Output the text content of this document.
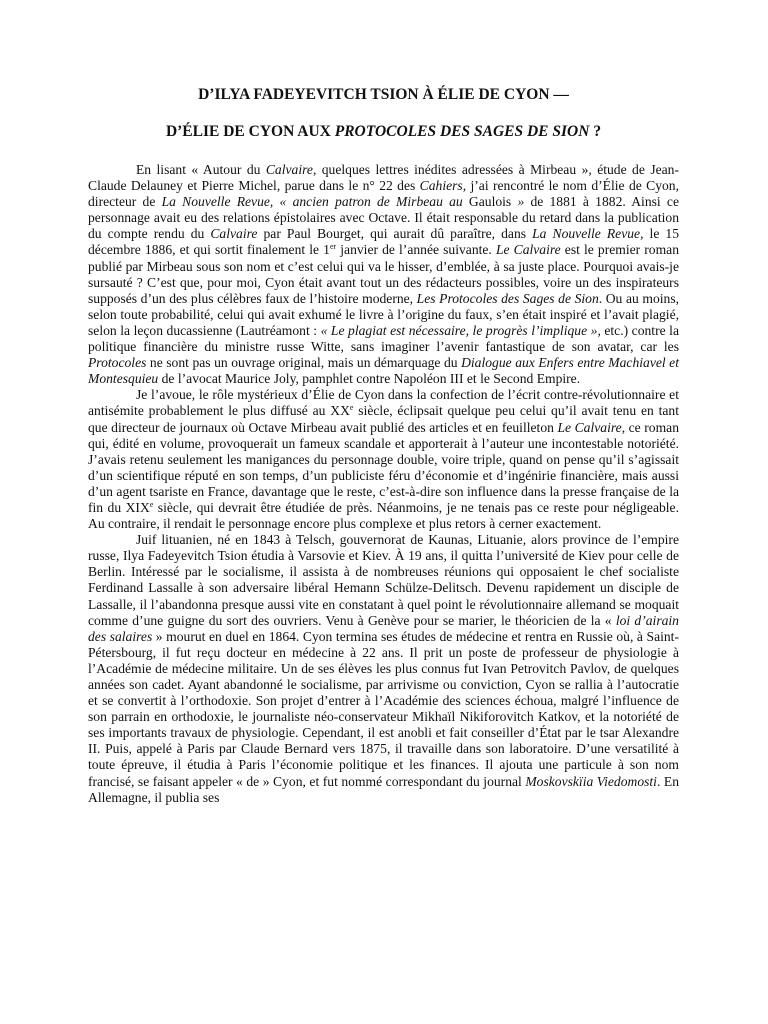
D’ILYA FADEYEVITCH TSION À ÉLIE DE CYON —
D’ÉLIE DE CYON AUX PROTOCOLES DES SAGES DE SION ?

En lisant « Autour du Calvaire, quelques lettres inédites adressées à Mirbeau », étude de Jean-Claude Delauney et Pierre Michel, parue dans le n° 22 des Cahiers, j’ai rencontré le nom d’Élie de Cyon, directeur de La Nouvelle Revue, « ancien patron de Mirbeau au Gaulois » de 1881 à 1882. Ainsi ce personnage avait eu des relations épistolaires avec Octave. Il était responsable du retard dans la publication du compte rendu du Calvaire par Paul Bourget, qui aurait dû paraître, dans La Nouvelle Revue, le 15 décembre 1886, et qui sortit finalement le 1er janvier de l’année suivante. Le Calvaire est le premier roman publié par Mirbeau sous son nom et c’est celui qui va le hisser, d’emblée, à sa juste place. Pourquoi avais-je sursauté ? C’est que, pour moi, Cyon était avant tout un des rédacteurs possibles, voire un des inspirateurs supposés d’un des plus célèbres faux de l’histoire moderne, Les Protocoles des Sages de Sion. Ou au moins, selon toute probabilité, celui qui avait exhumé le livre à l’origine du faux, s’en était inspiré et l’avait plagié, selon la leçon ducassienne (Lautréamont : « Le plagiat est nécessaire, le progrès l’implique », etc.) contre la politique financière du ministre russe Witte, sans imaginer l’avenir fantastique de son avatar, car les Protocoles ne sont pas un ouvrage original, mais un démarquage du Dialogue aux Enfers entre Machiavel et Montesquieu de l’avocat Maurice Joly, pamphlet contre Napoléon III et le Second Empire.

Je l’avoue, le rôle mystérieux d’Élie de Cyon dans la confection de l’écrit contre-révolutionnaire et antisémite probablement le plus diffusé au XXe siècle, éclipsait quelque peu celui qu’il avait tenu en tant que directeur de journaux où Octave Mirbeau avait publié des articles et en feuilleton Le Calvaire, ce roman qui, édité en volume, provoquerait un fameux scandale et apporterait à l’auteur une incontestable notoriété. J’avais retenu seulement les manigances du personnage double, voire triple, quand on pense qu’il s’agissait d’un scientifique réputé en son temps, d’un publiciste féru d’économie et d’ingénirie financière, mais aussi d’un agent tsariste en France, davantage que le reste, c’est-à-dire son influence dans la presse française de la fin du XIXe siècle, qui devrait être étudiée de près. Néanmoins, je ne tenais pas ce reste pour négligeable. Au contraire, il rendait le personnage encore plus complexe et plus retors à cerner exactement.

Juif lituanien, né en 1843 à Telsch, gouvernorat de Kaunas, Lituanie, alors province de l’empire russe, Ilya Fadeyevitch Tsion étudia à Varsovie et Kiev. À 19 ans, il quitta l’université de Kiev pour celle de Berlin. Intéressé par le socialisme, il assista à de nombreuses réunions qui opposaient le chef socialiste Ferdinand Lassalle à son adversaire libéral Hemann Schülze-Delitsch. Devenu rapidement un disciple de Lassalle, il l’abandonna presque aussi vite en constatant à quel point le révolutionnaire allemand se moquait comme d’une guigne du sort des ouvriers. Venu à Genève pour se marier, le théoricien de la « loi d’airain des salaires » mourut en duel en 1864. Cyon termina ses études de médecine et rentra en Russie où, à Saint-Pétersbourg, il fut reçu docteur en médecine à 22 ans. Il prit un poste de professeur de physiologie à l’Académie de médecine militaire. Un de ses élèves les plus connus fut Ivan Petrovitch Pavlov, de quelques années son cadet. Ayant abandonné le socialisme, par arrivisme ou conviction, Cyon se rallia à l’autocratie et se convertit à l’orthodoxie. Son projet d’entrer à l’Académie des sciences échoua, malgré l’influence de son parrain en orthodoxie, le journaliste néo-conservateur Mikhaïl Nikiforovitch Katkov, et la notoriété de ses importants travaux de physiologie. Cependant, il est anobli et fait conseiller d’État par le tsar Alexandre II. Puis, appelé à Paris par Claude Bernard vers 1875, il travaille dans son laboratoire. D’une versatilité à toute épreuve, il étudia à Paris l’économie politique et les finances. Il ajouta une particule à son nom francisé, se faisant appeler « de » Cyon, et fut nommé correspondant du journal Moskovskïia Viedomosti. En Allemagne, il publia ses
